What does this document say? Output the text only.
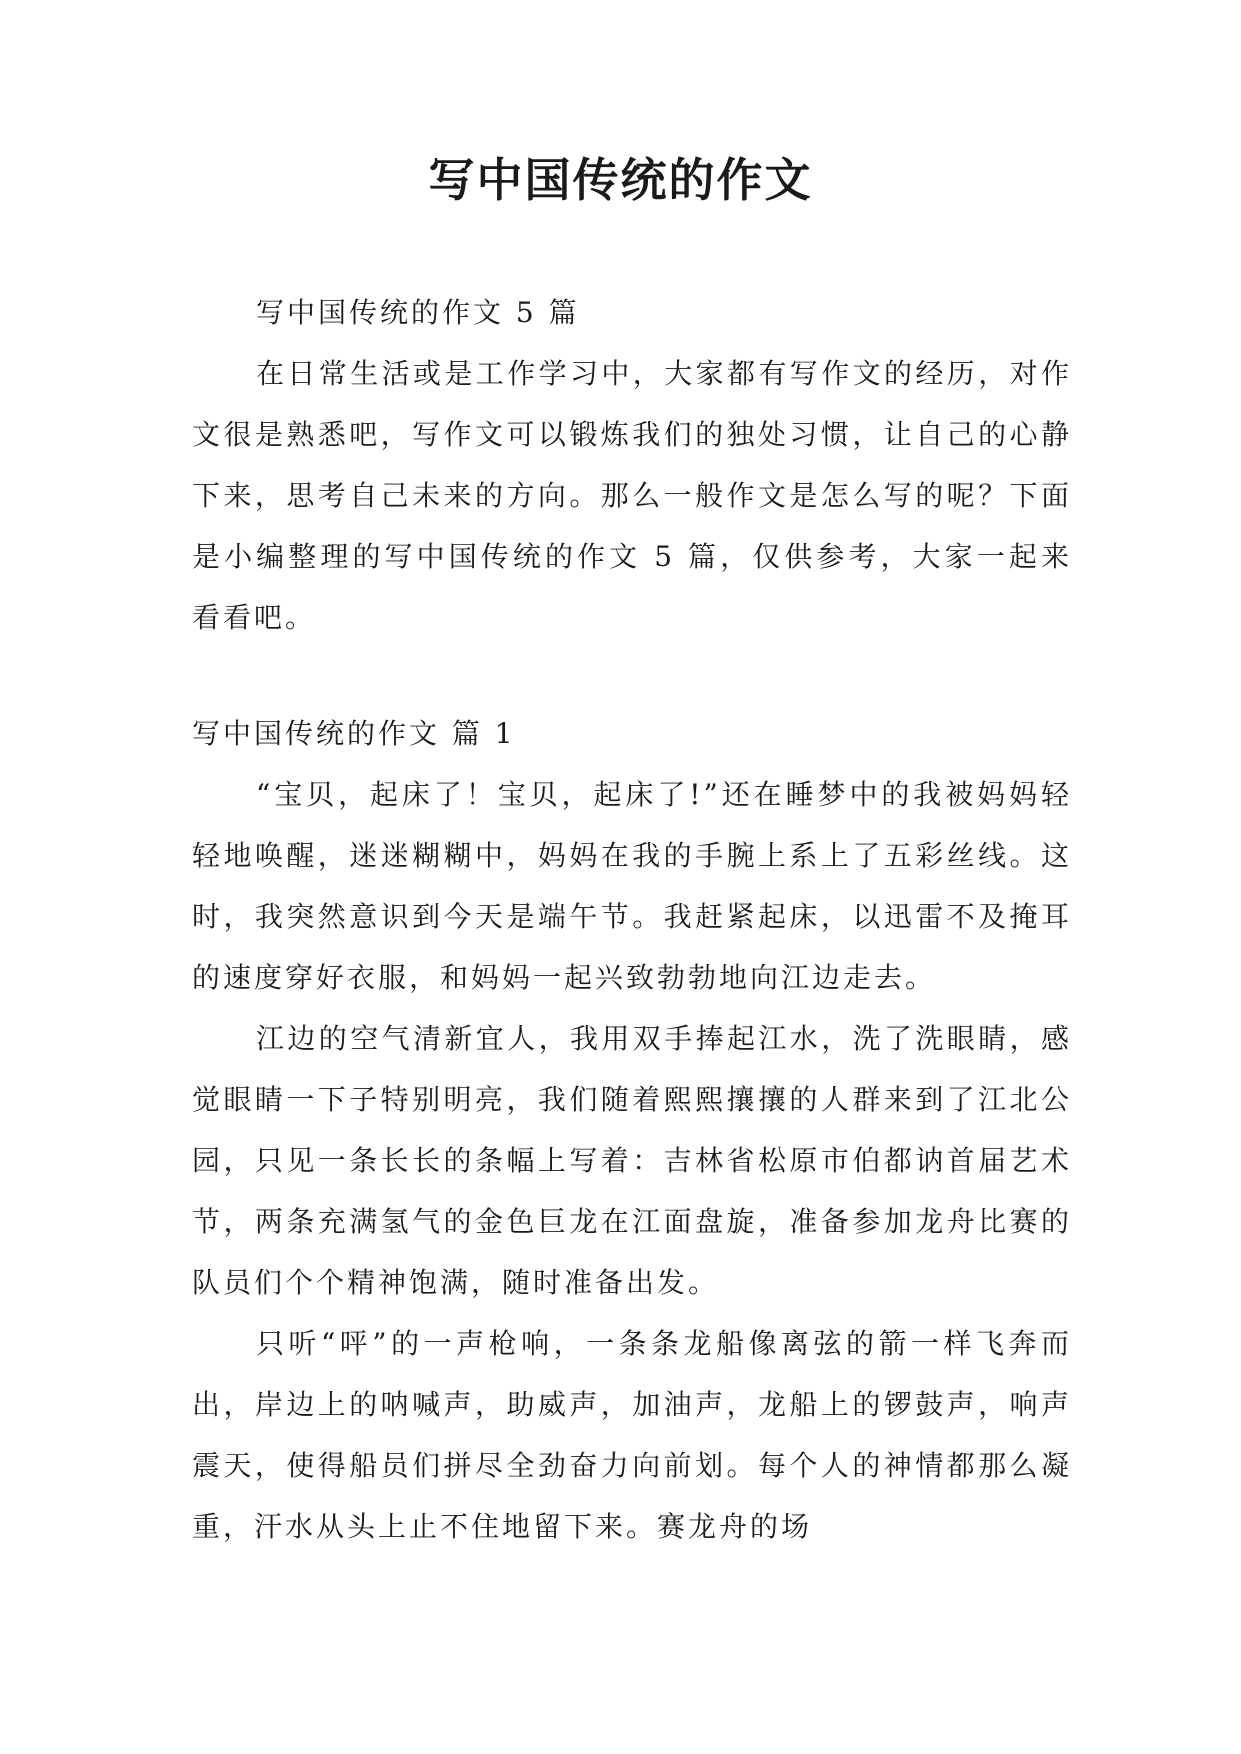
写中国传统的作文

写中国传统的作文 5 篇

在日常生活或是工作学习中，大家都有写作文的经历，对作文很是熟悉吧，写作文可以锻炼我们的独处习惯，让自己的心静下来，思考自己未来的方向。那么一般作文是怎么写的呢？下面是小编整理的写中国传统的作文 5 篇，仅供参考，大家一起来看看吧。

写中国传统的作文 篇 1

“宝贝，起床了！宝贝，起床了!”还在睡梦中的我被妈妈轻轻地唤醒，迷迷糊糊中，妈妈在我的手腕上系上了五彩丝线。这时，我突然意识到今天是端午节。我赶紧起床，以迅雷不及掩耳的速度穿好衣服，和妈妈一起兴致勃勃地向江边走去。

江边的空气清新宜人，我用双手捧起江水，洗了洗眼睛，感觉眼睛一下子特别明亮，我们随着熙熙攘攘的人群来到了江北公园，只见一条长长的条幅上写着：吉林省松原市伯都讷首届艺术节，两条充满氢气的金色巨龙在江面盘旋，准备参加龙舟比赛的队员们个个精神饱满，随时准备出发。

只听“呯”的一声枪响，一条条龙船像离弦的箭一样飞奔而出，岸边上的呐喊声，助威声，加油声，龙船上的锣鼓声，响声震天，使得船员们拼尽全劲奋力向前划。每个人的神情都那么凝重，汗水从头上止不住地留下来。赛龙舟的场
